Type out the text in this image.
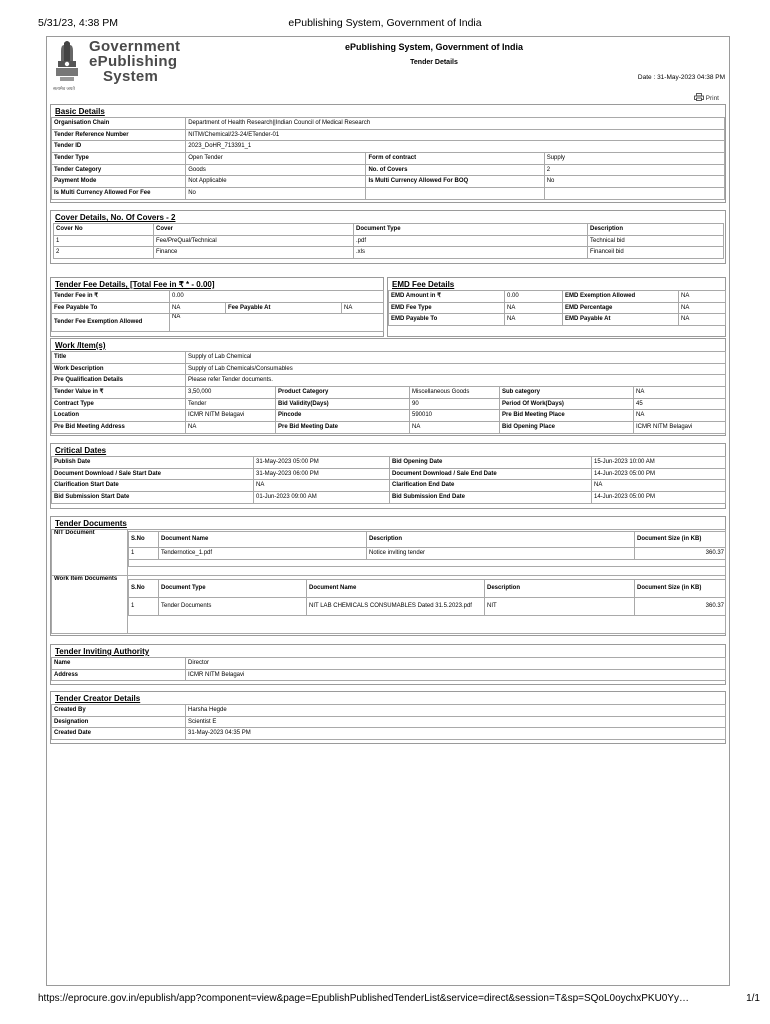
5/31/23, 4:38 PM	ePublishing System, Government of India
Government
ePublishing
System
सत्यमेव जयते
ePublishing System, Government of India
Tender Details
Date : 31-May-2023 04:38 PM
Print
Basic Details
Organisation Chain	Department of Health Research||Indian Council of Medical Research		
Tender Reference Number	NITM/Chemical/23-24/ETender-01		
Tender ID	2023_DoHR_713391_1		
Tender Type	Open Tender	Form of contract	Supply
Tender Category	Goods	No. of Covers	2
Payment Mode	Not Applicable	Is Multi Currency Allowed For BOQ	No
Is Multi Currency Allowed For Fee	No		
Cover Details, No. Of Covers - 2
Cover No	Cover	Document Type	Description
1	Fee/PreQual/Technical	.pdf	Technical bid
2	Finance	.xls	Financeil bid
Tender Fee Details, [Total Fee in ₹ * - 0.00]
Tender Fee in ₹	0.00		
Fee Payable To	NA	Fee Payable At	NA
Tender Fee Exemption Allowed	NA		
EMD Fee Details
EMD Amount in ₹	0.00	EMD Exemption Allowed	NA
EMD Fee Type	NA	EMD Percentage	NA
EMD Payable To	NA	EMD Payable At	NA
Work /Item(s)
Title	Supply of Lab Chemical				
Work Description	Supply of Lab Chemicals/Consumables				
Pre Qualification Details	Please refer Tender documents.				
Tender Value in ₹	3,50,000	Product Category	Miscellaneous Goods	Sub category	NA
Contract Type	Tender	Bid Validity(Days)	90	Period Of Work(Days)	45
Location	ICMR NITM Belagavi	Pincode	590010	Pre Bid Meeting Place	NA
Pre Bid Meeting Address	NA	Pre Bid Meeting Date	NA	Bid Opening Place	ICMR NITM Belagavi
Critical Dates
Publish Date	31-May-2023 05:00 PM	Bid Opening Date	15-Jun-2023 10:00 AM
Document Download / Sale Start Date	31-May-2023 06:00 PM	Document Download / Sale End Date	14-Jun-2023 05:00 PM
Clarification Start Date	NA	Clarification End Date	NA
Bid Submission Start Date	01-Jun-2023 09:00 AM	Bid Submission End Date	14-Jun-2023 05:00 PM
Tender Documents
NIT Document	
S.No	Document Name	Description	Document Size (in KB)
1	Tendernotice_1.pdf	Notice inviting tender	360.37

Work Item Documents	
S.No	Document Type	Document Name	Description	Document Size (in KB)
1	Tender Documents	NIT LAB CHEMICALS CONSUMABLES Dated 31.5.2023.pdf	NIT	360.37
Tender Inviting Authority
Name	Director
Address	ICMR NITM Belagavi
Tender Creator Details
Created By	Harsha Hegde
Designation	Scientist E
Created Date	31-May-2023 04:35 PM
https://eprocure.gov.in/epublish/app?component=view&page=EpublishPublishedTenderList&service=direct&session=T&sp=SQoL0oychxPKU0Yy…	1/1
